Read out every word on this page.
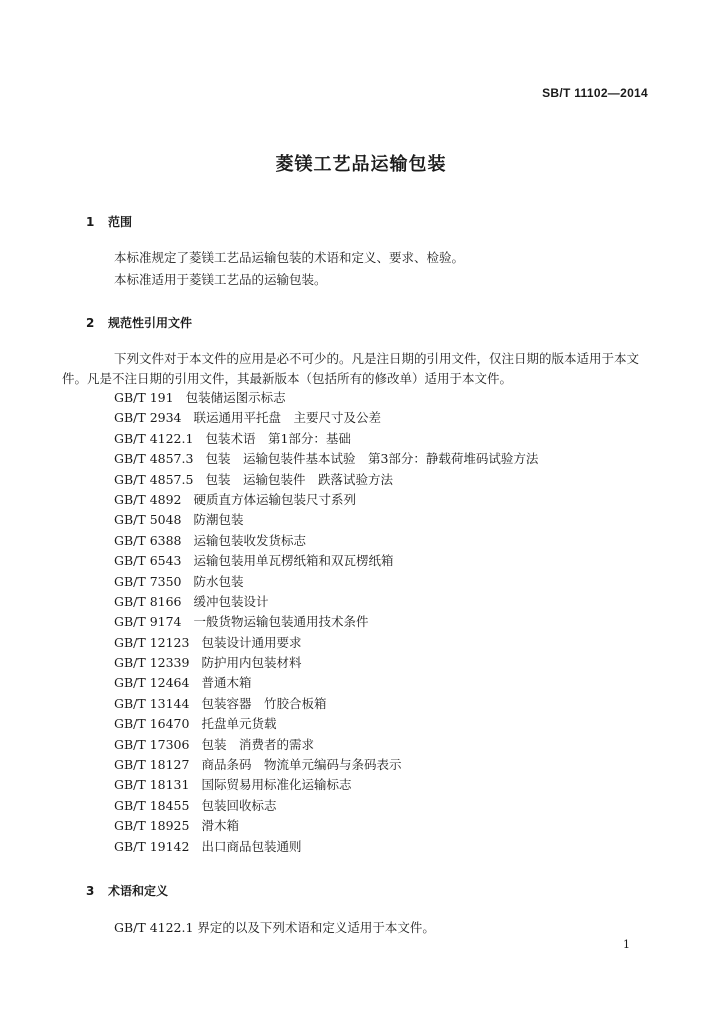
SB/T 11102—2014
菱镁工艺品运输包装
1 范围
本标准规定了菱镁工艺品运输包装的术语和定义、要求、检验。
本标准适用于菱镁工艺品的运输包装。
2 规范性引用文件
下列文件对于本文件的应用是必不可少的。凡是注日期的引用文件，仅注日期的版本适用于本文件。凡是不注日期的引用文件，其最新版本（包括所有的修改单）适用于本文件。
GB/T 191 包装储运图示标志
GB/T 2934 联运通用平托盘　主要尺寸及公差
GB/T 4122.1 包装术语　第1部分：基础
GB/T 4857.3 包装　运输包装件基本试验　第3部分：静载荷堆码试验方法
GB/T 4857.5 包装　运输包装件　跌落试验方法
GB/T 4892 硬质直方体运输包装尺寸系列
GB/T 5048 防潮包装
GB/T 6388 运输包装收发货标志
GB/T 6543 运输包装用单瓦楞纸箱和双瓦楞纸箱
GB/T 7350 防水包装
GB/T 8166 缓冲包装设计
GB/T 9174 一般货物运输包装通用技术条件
GB/T 12123 包装设计通用要求
GB/T 12339 防护用内包装材料
GB/T 12464 普通木箱
GB/T 13144 包装容器　竹胶合板箱
GB/T 16470 托盘单元货载
GB/T 17306 包装　消费者的需求
GB/T 18127 商品条码　物流单元编码与条码表示
GB/T 18131 国际贸易用标准化运输标志
GB/T 18455 包装回收标志
GB/T 18925 滑木箱
GB/T 19142 出口商品包装通则
3 术语和定义
GB/T 4122.1 界定的以及下列术语和定义适用于本文件。
1
